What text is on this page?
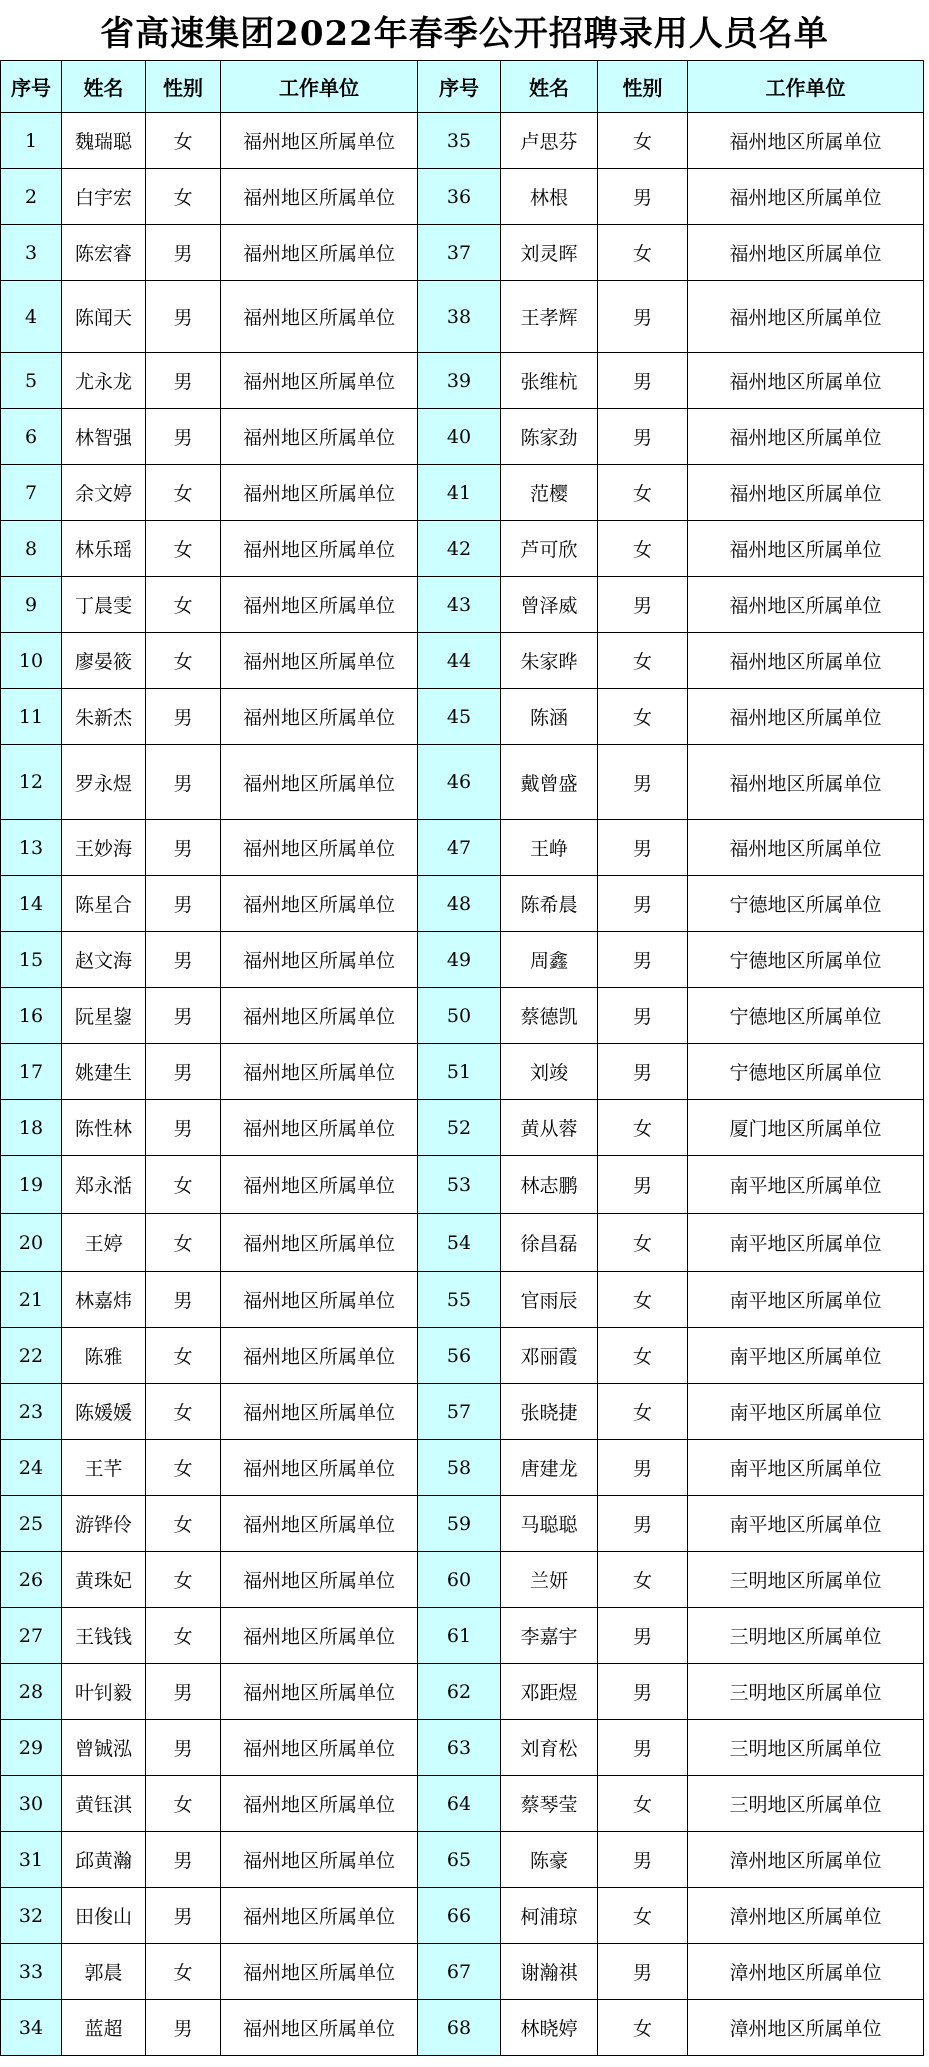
省高速集团2022年春季公开招聘录用人员名单
序号	姓名	性别	工作单位	序号	姓名	性别	工作单位
1	魏瑞聪	女	福州地区所属单位	35	卢思芬	女	福州地区所属单位
2	白宇宏	女	福州地区所属单位	36	林根	男	福州地区所属单位
3	陈宏睿	男	福州地区所属单位	37	刘灵晖	女	福州地区所属单位
4	陈闻天	男	福州地区所属单位	38	王孝辉	男	福州地区所属单位
5	尤永龙	男	福州地区所属单位	39	张维杭	男	福州地区所属单位
6	林智强	男	福州地区所属单位	40	陈家劲	男	福州地区所属单位
7	余文婷	女	福州地区所属单位	41	范樱	女	福州地区所属单位
8	林乐瑶	女	福州地区所属单位	42	芦可欣	女	福州地区所属单位
9	丁晨雯	女	福州地区所属单位	43	曾泽威	男	福州地区所属单位
10	廖晏筱	女	福州地区所属单位	44	朱家晔	女	福州地区所属单位
11	朱新杰	男	福州地区所属单位	45	陈涵	女	福州地区所属单位
12	罗永煜	男	福州地区所属单位	46	戴曾盛	男	福州地区所属单位
13	王妙海	男	福州地区所属单位	47	王峥	男	福州地区所属单位
14	陈星合	男	福州地区所属单位	48	陈希晨	男	宁德地区所属单位
15	赵文海	男	福州地区所属单位	49	周鑫	男	宁德地区所属单位
16	阮星鋆	男	福州地区所属单位	50	蔡德凯	男	宁德地区所属单位
17	姚建生	男	福州地区所属单位	51	刘竣	男	宁德地区所属单位
18	陈性林	男	福州地区所属单位	52	黄从蓉	女	厦门地区所属单位
19	郑永湉	女	福州地区所属单位	53	林志鹏	男	南平地区所属单位
20	王婷	女	福州地区所属单位	54	徐昌磊	女	南平地区所属单位
21	林嘉炜	男	福州地区所属单位	55	官雨辰	女	南平地区所属单位
22	陈雅	女	福州地区所属单位	56	邓丽霞	女	南平地区所属单位
23	陈媛媛	女	福州地区所属单位	57	张晓捷	女	南平地区所属单位
24	王芊	女	福州地区所属单位	58	唐建龙	男	南平地区所属单位
25	游铧伶	女	福州地区所属单位	59	马聪聪	男	南平地区所属单位
26	黄珠妃	女	福州地区所属单位	60	兰妍	女	三明地区所属单位
27	王钱钱	女	福州地区所属单位	61	李嘉宇	男	三明地区所属单位
28	叶钊毅	男	福州地区所属单位	62	邓距煜	男	三明地区所属单位
29	曾铖泓	男	福州地区所属单位	63	刘育松	男	三明地区所属单位
30	黄钰淇	女	福州地区所属单位	64	蔡琴莹	女	三明地区所属单位
31	邱黄瀚	男	福州地区所属单位	65	陈豪	男	漳州地区所属单位
32	田俊山	男	福州地区所属单位	66	柯浦琼	女	漳州地区所属单位
33	郭晨	女	福州地区所属单位	67	谢瀚祺	男	漳州地区所属单位
34	蓝超	男	福州地区所属单位	68	林晓婷	女	漳州地区所属单位
